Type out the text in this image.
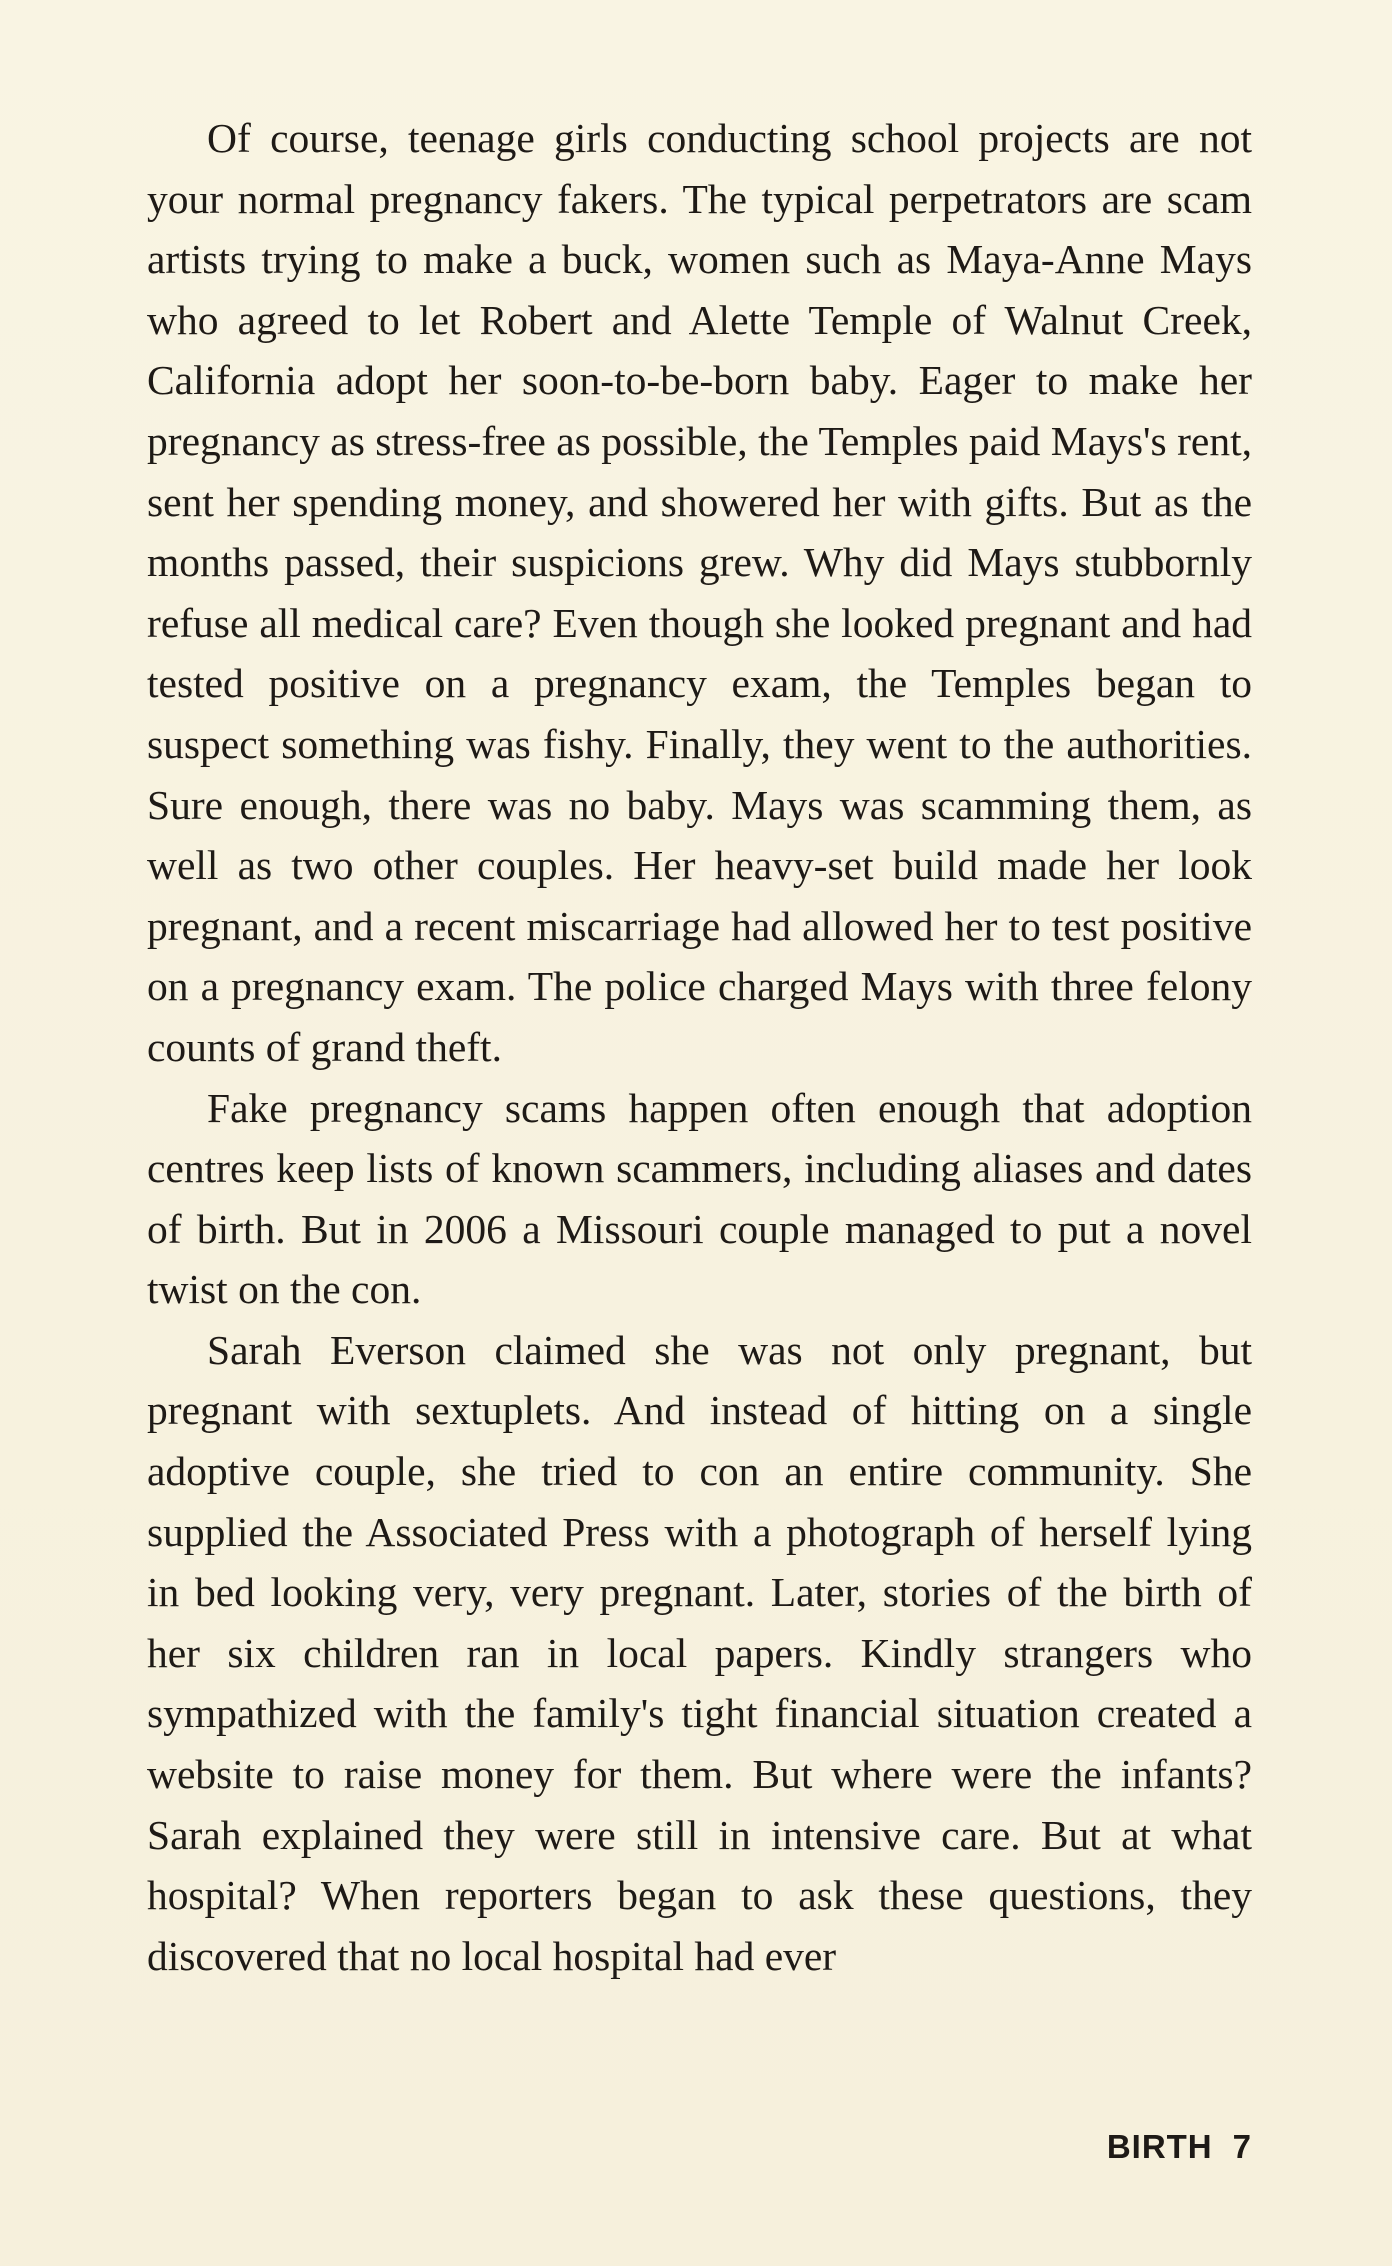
Of course, teenage girls conducting school projects are not your normal pregnancy fakers. The typical perpetrators are scam artists trying to make a buck, women such as Maya-Anne Mays who agreed to let Robert and Alette Temple of Walnut Creek, California adopt her soon-to-be-born baby. Eager to make her pregnancy as stress-free as possible, the Temples paid Mays's rent, sent her spending money, and showered her with gifts. But as the months passed, their suspicions grew. Why did Mays stubbornly refuse all medical care? Even though she looked pregnant and had tested positive on a pregnancy exam, the Temples began to suspect something was fishy. Finally, they went to the authorities. Sure enough, there was no baby. Mays was scamming them, as well as two other couples. Her heavy-set build made her look pregnant, and a recent miscarriage had allowed her to test positive on a pregnancy exam. The police charged Mays with three felony counts of grand theft.

Fake pregnancy scams happen often enough that adoption centres keep lists of known scammers, including aliases and dates of birth. But in 2006 a Missouri couple managed to put a novel twist on the con.

Sarah Everson claimed she was not only pregnant, but pregnant with sextuplets. And instead of hitting on a single adoptive couple, she tried to con an entire community. She supplied the Associated Press with a photograph of herself lying in bed looking very, very pregnant. Later, stories of the birth of her six children ran in local papers. Kindly strangers who sympathized with the family's tight financial situation created a website to raise money for them. But where were the infants? Sarah explained they were still in intensive care. But at what hospital? When reporters began to ask these questions, they discovered that no local hospital had ever

BIRTH 7
